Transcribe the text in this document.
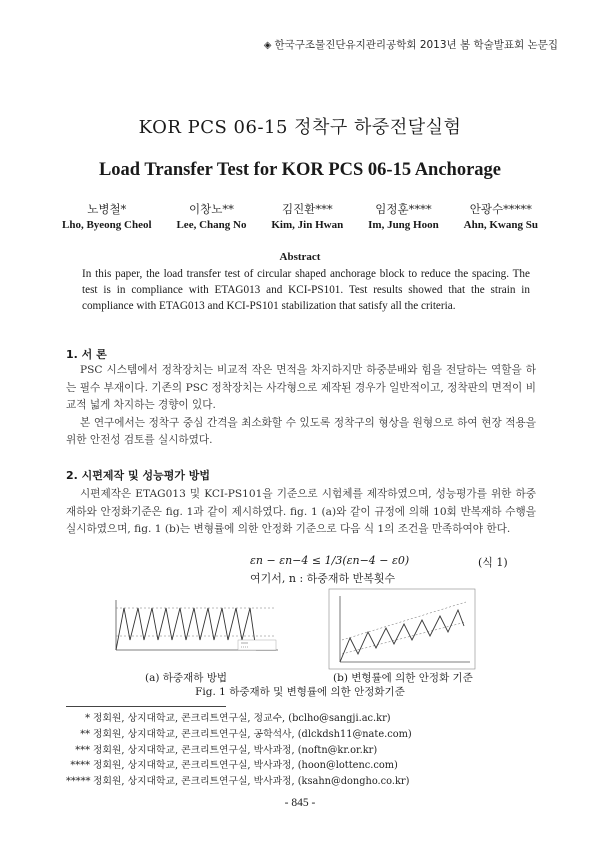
◈ 한국구조물진단유지관리공학회 2013년 봄 학술발표회 논문집
KOR PCS 06-15 정착구 하중전달실험
Load Transfer Test for KOR PCS 06-15 Anchorage
노병철*
Lho, Byeong Cheol
이창노**
Lee, Chang No
김진환***
Kim, Jin Hwan
임정훈****
Im, Jung Hoon
안광수*****
Ahn, Kwang Su
Abstract
In this paper, the load transfer test of circular shaped anchorage block to reduce the spacing. The test is in compliance with ETAG013 and KCI-PS101. Test results showed that the strain in compliance with ETAG013 and KCI-PS101 stabilization that satisfy all the criteria.
1. 서 론

PSC 시스템에서 정착장치는 비교적 작은 면적을 차지하지만 하중분배와 힘을 전달하는 역할을 하는 필수 부재이다. 기존의 PSC 정착장치는 사각형으로 제작된 경우가 일반적이고, 정착판의 면적이 비교적 넓게 차지하는 경향이 있다.

본 연구에서는 정착구 중심 간격을 최소화할 수 있도록 정착구의 형상을 원형으로 하여 현장 적용을 위한 안전성 검토를 실시하였다.

2. 시편제작 및 성능평가 방법

시편제작은 ETAG013 및 KCI-PS101을 기준으로 시험체를 제작하였으며, 성능평가를 위한 하중재하와 안정화기준은 fig. 1과 같이 제시하였다. fig. 1 (a)와 같이 규정에 의해 10회 반복재하 수행을 실시하였으며, fig. 1 (b)는 변형률에 의한 안정화 기준으로 다음 식 1의 조건을 만족하여야 한다.

εn − εn−4 ≤ 1/3(εn−4 − ε0)	(식 1)
여기서, n : 하중재하 반복횟수
(a) 하중재하 방법	(b) 변형률에 의한 안정화 기준
Fig. 1 하중재하 및 변형률에 의한 안정화기준
* 정회원, 상지대학교, 콘크리트연구실, 정교수, (bclho@sangji.ac.kr)
** 정회원, 상지대학교, 콘크리트연구실, 공학석사, (dlckdsh11@nate.com)
*** 정회원, 상지대학교, 콘크리트연구실, 박사과정, (noftn@kr.or.kr)
**** 정회원, 상지대학교, 콘크리트연구실, 박사과정, (hoon@lottenc.com)
***** 정회원, 상지대학교, 콘크리트연구실, 박사과정, (ksahn@dongho.co.kr)
- 845 -
